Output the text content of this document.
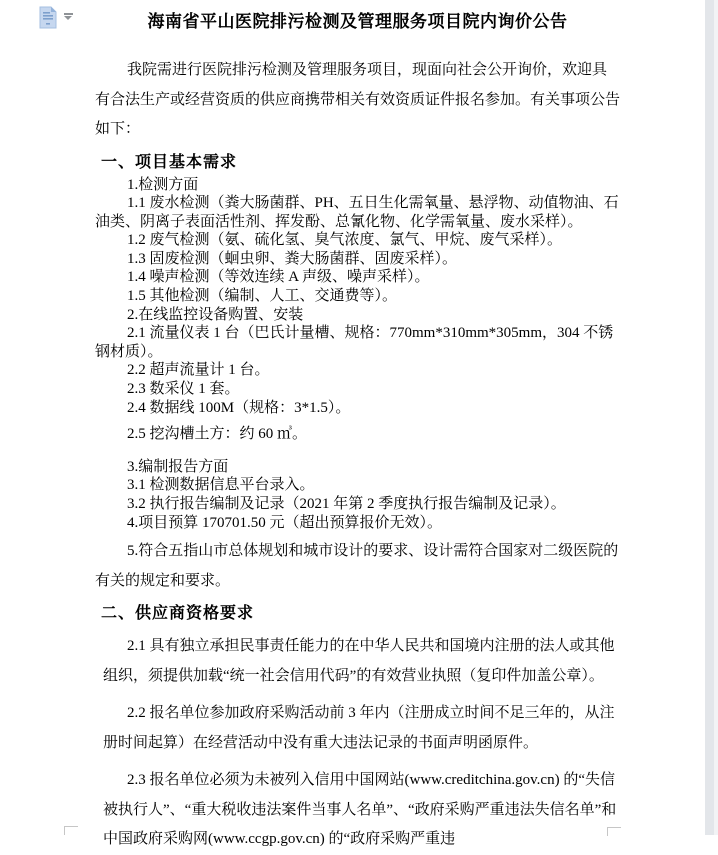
海南省平山医院排污检测及管理服务项目院内询价公告
我院需进行医院排污检测及管理服务项目，现面向社会公开询价，欢迎具有合法生产或经营资质的供应商携带相关有效资质证件报名参加。有关事项公告如下：
一、项目基本需求
1.检测方面
1.1 废水检测（粪大肠菌群、PH、五日生化需氧量、悬浮物、动值物油、石油类、阴离子表面活性剂、挥发酚、总氰化物、化学需氧量、废水采样）。
1.2 废气检测（氨、硫化氢、臭气浓度、氯气、甲烷、废气采样）。
1.3 固废检测（蛔虫卵、粪大肠菌群、固废采样）。
1.4 噪声检测（等效连续 A 声级、噪声采样）。
1.5 其他检测（编制、人工、交通费等）。
2.在线监控设备购置、安装
2.1 流量仪表 1 台（巴氏计量槽、规格：770mm*310mm*305mm，304 不锈钢材质）。
2.2 超声流量计 1 台。
2.3 数采仪 1 套。
2.4 数据线 100M（规格：3*1.5）。
2.5 挖沟槽土方：约 60 ㎥。
3.编制报告方面
3.1 检测数据信息平台录入。
3.2 执行报告编制及记录（2021 年第 2 季度执行报告编制及记录）。
4.项目预算 170701.50 元（超出预算报价无效）。
5.符合五指山市总体规划和城市设计的要求、设计需符合国家对二级医院的有关的规定和要求。
二、供应商资格要求
2.1 具有独立承担民事责任能力的在中华人民共和国境内注册的法人或其他组织，须提供加载“统一社会信用代码”的有效营业执照（复印件加盖公章）。
2.2 报名单位参加政府采购活动前 3 年内（注册成立时间不足三年的，从注册时间起算）在经营活动中没有重大违法记录的书面声明函原件。
2.3 报名单位必须为未被列入信用中国网站(www.creditchina.gov.cn) 的“失信被执行人”、“重大税收违法案件当事人名单”、“政府采购严重违法失信名单”和中国政府采购网(www.ccgp.gov.cn) 的“政府采购严重违
